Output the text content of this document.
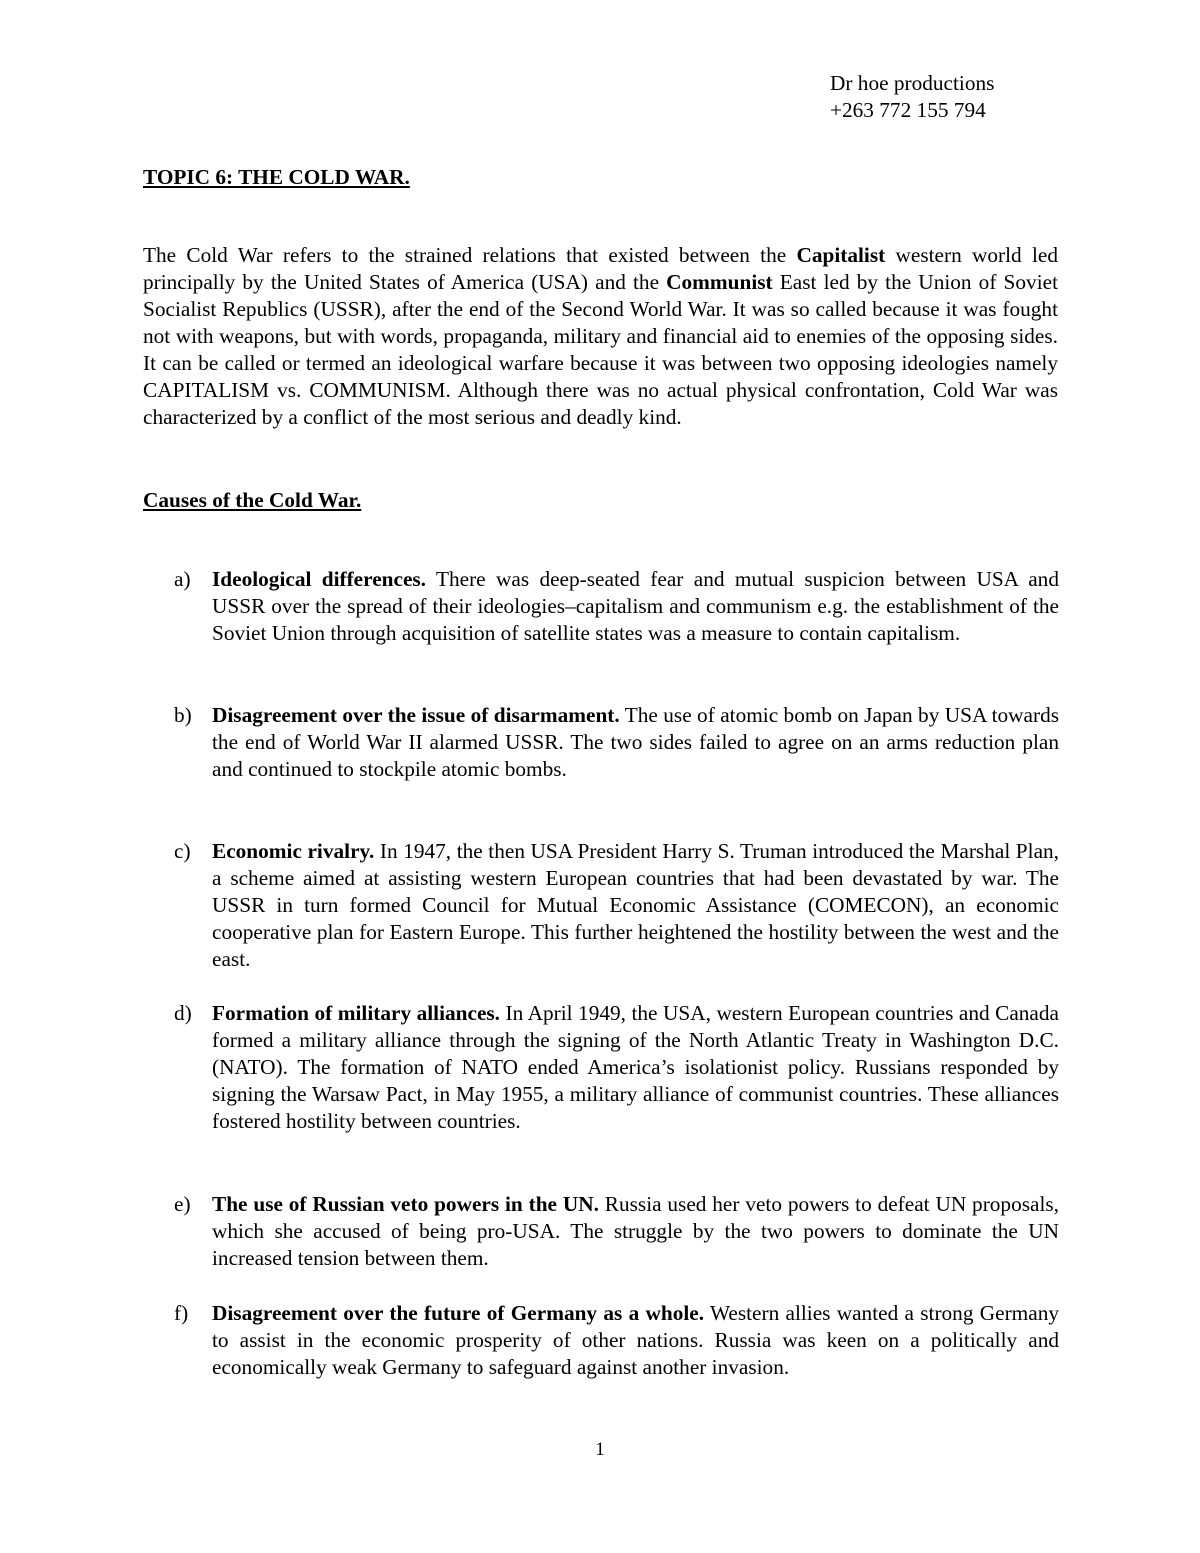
Dr hoe productions
+263 772 155 794
TOPIC 6: THE COLD WAR.

The Cold War refers to the strained relations that existed between the Capitalist western world led principally by the United States of America (USA) and the Communist East led by the Union of Soviet Socialist Republics (USSR), after the end of the Second World War. It was so called because it was fought not with weapons, but with words, propaganda, military and financial aid to enemies of the opposing sides. It can be called or termed an ideological warfare because it was between two opposing ideologies namely CAPITALISM vs. COMMUNISM. Although there was no actual physical confrontation, Cold War was characterized by a conflict of the most serious and deadly kind.

Causes of the Cold War.
a)	Ideological differences. There was deep-seated fear and mutual suspicion between USA and USSR over the spread of their ideologies–capitalism and communism e.g. the establishment of the Soviet Union through acquisition of satellite states was a measure to contain capitalism.
b) Disagreement over the issue of disarmament. The use of atomic bomb on Japan by USA towards the end of World War II alarmed USSR. The two sides failed to agree on an arms reduction plan and continued to stockpile atomic bombs.
c)	Economic rivalry. In 1947, the then USA President Harry S. Truman introduced the Marshal Plan, a scheme aimed at assisting western European countries that had been devastated by war. The USSR in turn formed Council for Mutual Economic Assistance (COMECON), an economic cooperative plan for Eastern Europe. This further heightened the hostility between the west and the east.
d) Formation of military alliances. In April 1949, the USA, western European countries and Canada formed a military alliance through the signing of the North Atlantic Treaty in Washington D.C. (NATO). The formation of NATO ended America’s isolationist policy. Russians responded by signing the Warsaw Pact, in May 1955, a military alliance of communist countries. These alliances fostered hostility between countries.
e)	The use of Russian veto powers in the UN. Russia used her veto powers to defeat UN proposals, which she accused of being pro-USA. The struggle by the two powers to dominate the UN increased tension between them.
f)	Disagreement over the future of Germany as a whole. Western allies wanted a strong Germany to assist in the economic prosperity of other nations. Russia was keen on a politically and economically weak Germany to safeguard against another invasion.
1
